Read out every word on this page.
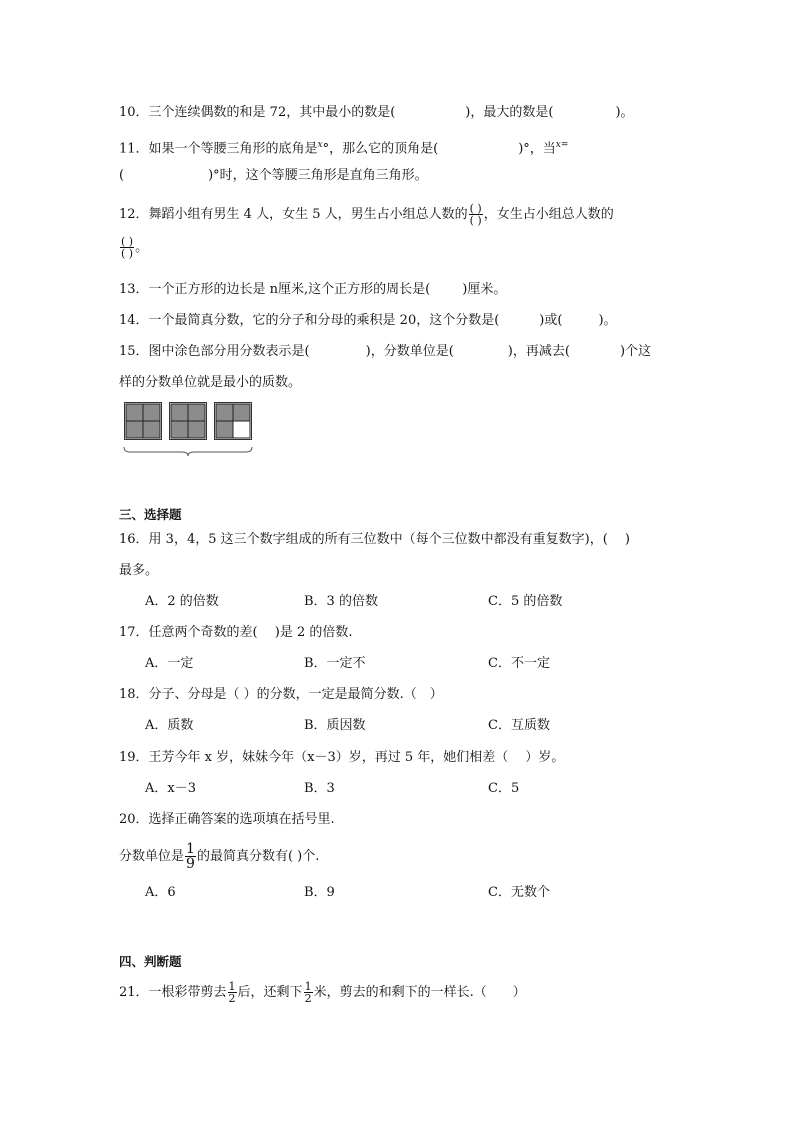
10．三个连续偶数的和是 72，其中最小的数是(	)，最大的数是(	)。
11．如果一个等腰三角形的底角是$^x$°，那么它的顶角是(	)°，当$^{x=}$
(	)°时，这个等腰三角形是直角三角形。
12．舞蹈小组有男生 4 人，女生 5 人，男生占小组总人数的 $\frac{( )}{( )}$ ，女生占小组总人数的
$\frac{( )}{( )}$ 。
13．一个正方形的边长是 n厘米,这个正方形的周长是( )厘米。
14．一个最简真分数，它的分子和分母的乘积是 20，这个分数是(	)或(	)。
15．图中涂色部分用分数表示是(	)，分数单位是(	)，再减去(	)个这
样的分数单位就是最小的质数。
三、选择题
16．用 3，4，5 这三个数字组成的所有三位数中（每个三位数中都没有重复数字)，(　 )
最多。
A．2 的倍数	B．3 的倍数	C．5 的倍数
17．任意两个奇数的差(　 )是 2 的倍数.
A．一定	B．一定不	C．不一定
18．分子、分母是（ ）的分数，一定是最简分数.（　）
A．质数	B．质因数	C．互质数
19．王芳今年 x 岁，妹妹今年（x－3）岁，再过 5 年，她们相差（　 ）岁。
A．x－3	B．3	C．5
20．选择正确答案的选项填在括号里.
分数单位是 $\frac{1}{9}$ 的最简真分数有( )个.
A．6	B．9	C．无数个
四、判断题
21．一根彩带剪去 $\frac{1}{2}$ 后，还剩下 $\frac{1}{2}$ 米，剪去的和剩下的一样长.（　　）
